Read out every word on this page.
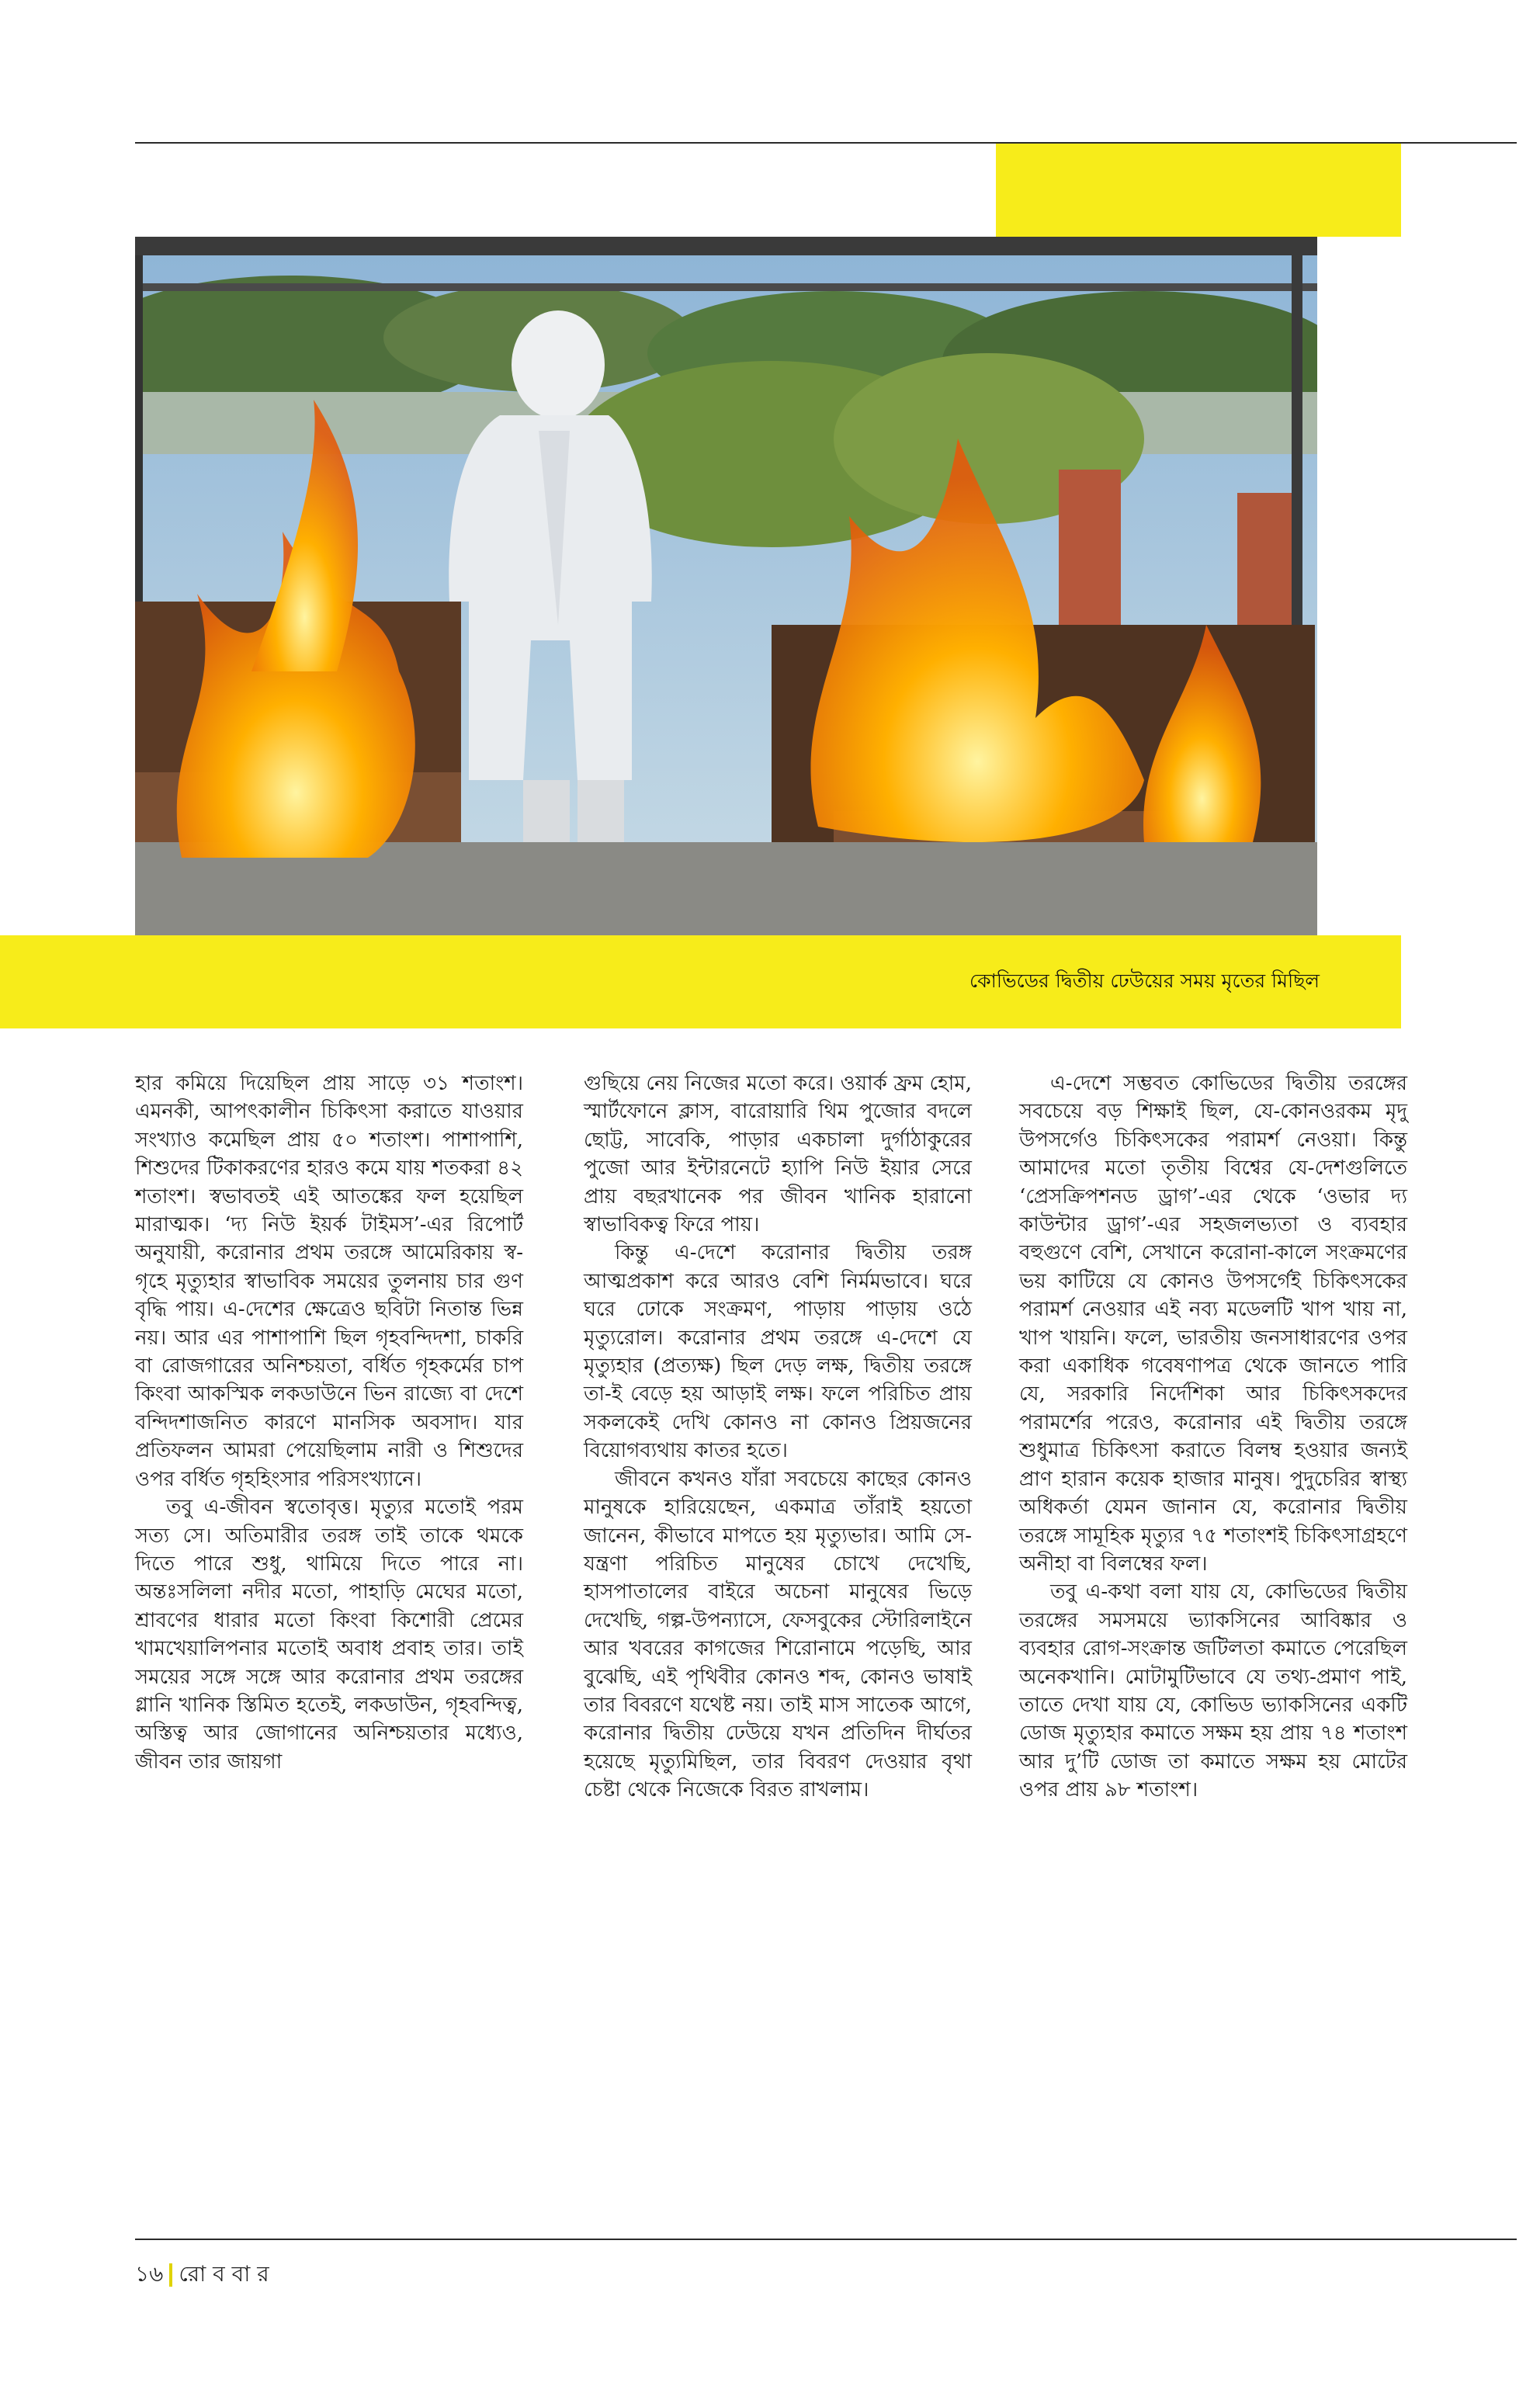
কোভিডের দ্বিতীয় ঢেউয়ের সময় মৃতের মিছিল

হার কমিয়ে দিয়েছিল প্রায় সাড়ে ৩১ শতাংশ। এমনকী, আপৎকালীন চিকিৎসা করাতে যাওয়ার সংখ্যাও কমেছিল প্রায় ৫০ শতাংশ। পাশাপাশি, শিশুদের টিকাকরণের হারও কমে যায় শতকরা ৪২ শতাংশ। স্বভাবতই এই আতঙ্কের ফল হয়েছিল মারাত্মক। ‘দ্য নিউ ইয়র্ক টাইমস’-এর রিপোর্ট অনুযায়ী, করোনার প্রথম তরঙ্গে আমেরিকায় স্ব-গৃহে মৃত্যুহার স্বাভাবিক সময়ের তুলনায় চার গুণ বৃদ্ধি পায়। এ-দেশের ক্ষেত্রেও ছবিটা নিতান্ত ভিন্ন নয়। আর এর পাশাপাশি ছিল গৃহবন্দিদশা, চাকরি বা রোজগারের অনিশ্চয়তা, বর্ধিত গৃহকর্মের চাপ কিংবা আকস্মিক লকডাউনে ভিন রাজ্যে বা দেশে বন্দিদশাজনিত কারণে মানসিক অবসাদ। যার প্রতিফলন আমরা পেয়েছিলাম নারী ও শিশুদের ওপর বর্ধিত গৃহহিংসার পরিসংখ্যানে।

তবু এ-জীবন স্বতোবৃত্ত। মৃত্যুর মতোই পরম সত্য সে। অতিমারীর তরঙ্গ তাই তাকে থমকে দিতে পারে শুধু, থামিয়ে দিতে পারে না। অন্তঃসলিলা নদীর মতো, পাহাড়ি মেঘের মতো, শ্রাবণের ধারার মতো কিংবা কিশোরী প্রেমের খামখেয়ালিপনার মতোই অবাধ প্রবাহ তার। তাই সময়ের সঙ্গে সঙ্গে আর করোনার প্রথম তরঙ্গের গ্লানি খানিক স্তিমিত হতেই, লকডাউন, গৃহবন্দিত্ব, অস্তিত্ব আর জোগানের অনিশ্চয়তার মধ্যেও, জীবন তার জায়গা

গুছিয়ে নেয় নিজের মতো করে। ওয়ার্ক ফ্রম হোম, স্মার্টফোনে ক্লাস, বারোয়ারি থিম পুজোর বদলে ছোট্ট, সাবেকি, পাড়ার একচালা দুর্গাঠাকুরের পুজো আর ইন্টারনেটে হ্যাপি নিউ ইয়ার সেরে প্রায় বছরখানেক পর জীবন খানিক হারানো স্বাভাবিকত্ব ফিরে পায়।

কিন্তু এ-দেশে করোনার দ্বিতীয় তরঙ্গ আত্মপ্রকাশ করে আরও বেশি নির্মমভাবে। ঘরে ঘরে ঢোকে সংক্রমণ, পাড়ায় পাড়ায় ওঠে মৃত্যুরোল। করোনার প্রথম তরঙ্গে এ-দেশে যে মৃত্যুহার (প্রত্যক্ষ) ছিল দেড় লক্ষ, দ্বিতীয় তরঙ্গে তা-ই বেড়ে হয় আড়াই লক্ষ। ফলে পরিচিত প্রায় সকলকেই দেখি কোনও না কোনও প্রিয়জনের বিয়োগব্যথায় কাতর হতে।

জীবনে কখনও যাঁরা সবচেয়ে কাছের কোনও মানুষকে হারিয়েছেন, একমাত্র তাঁরাই হয়তো জানেন, কীভাবে মাপতে হয় মৃত্যুভার। আমি সে-যন্ত্রণা পরিচিত মানুষের চোখে দেখেছি, হাসপাতালের বাইরে অচেনা মানুষের ভিড়ে দেখেছি, গল্প-উপন্যাসে, ফেসবুকের স্টোরিলাইনে আর খবরের কাগজের শিরোনামে পড়েছি, আর বুঝেছি, এই পৃথিবীর কোনও শব্দ, কোনও ভাষাই তার বিবরণে যথেষ্ট নয়। তাই মাস সাতেক আগে, করোনার দ্বিতীয় ঢেউয়ে যখন প্রতিদিন দীর্ঘতর হয়েছে মৃত্যুমিছিল, তার বিবরণ দেওয়ার বৃথা চেষ্টা থেকে নিজেকে বিরত রাখলাম।

এ-দেশে সম্ভবত কোভিডের দ্বিতীয় তরঙ্গের সবচেয়ে বড় শিক্ষাই ছিল, যে-কোনওরকম মৃদু উপসর্গেও চিকিৎসকের পরামর্শ নেওয়া। কিন্তু আমাদের মতো তৃতীয় বিশ্বের যে-দেশগুলিতে ‘প্রেসক্রিপশনড ড্রাগ’-এর থেকে ‘ওভার দ্য কাউন্টার ড্রাগ’-এর সহজলভ্যতা ও ব্যবহার বহুগুণে বেশি, সেখানে করোনা-কালে সংক্রমণের ভয় কাটিয়ে যে কোনও উপসর্গেই চিকিৎসকের পরামর্শ নেওয়ার এই নব্য মডেলটি খাপ খায় না, খাপ খায়নি। ফলে, ভারতীয় জনসাধারণের ওপর করা একাধিক গবেষণাপত্র থেকে জানতে পারি যে, সরকারি নির্দেশিকা আর চিকিৎসকদের পরামর্শের পরেও, করোনার এই দ্বিতীয় তরঙ্গে শুধুমাত্র চিকিৎসা করাতে বিলম্ব হওয়ার জন্যই প্রাণ হারান কয়েক হাজার মানুষ। পুদুচেরির স্বাস্থ্য অধিকর্তা যেমন জানান যে, করোনার দ্বিতীয় তরঙ্গে সামূহিক মৃত্যুর ৭৫ শতাংশই চিকিৎসাগ্রহণে অনীহা বা বিলম্বের ফল।

তবু এ-কথা বলা যায় যে, কোভিডের দ্বিতীয় তরঙ্গের সমসময়ে ভ্যাকসিনের আবিষ্কার ও ব্যবহার রোগ-সংক্রান্ত জটিলতা কমাতে পেরেছিল অনেকখানি। মোটামুটিভাবে যে তথ্য-প্রমাণ পাই, তাতে দেখা যায় যে, কোভিড ভ্যাকসিনের একটি ডোজ মৃত্যুহার কমাতে সক্ষম হয় প্রায় ৭৪ শতাংশ আর দু’টি ডোজ তা কমাতে সক্ষম হয় মোটের ওপর প্রায় ৯৮ শতাংশ।

১৬ রো ব বা র
